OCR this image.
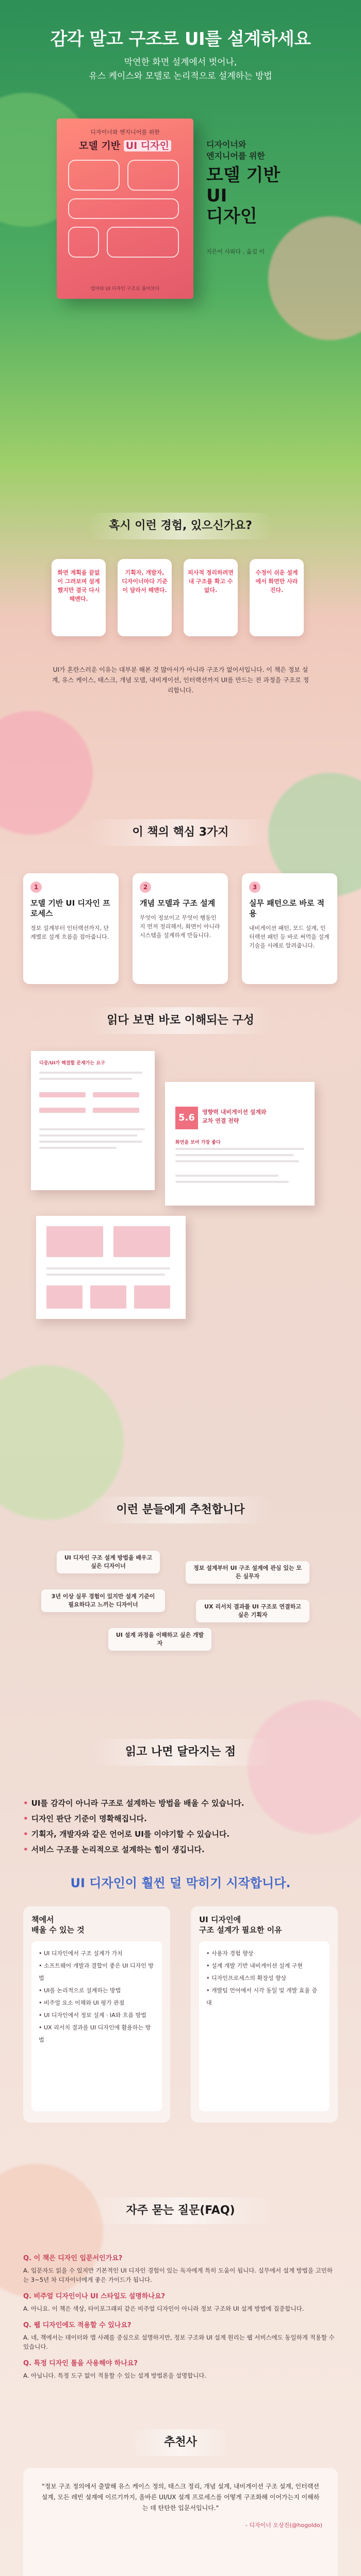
감각 말고 구조로 UI를 설계하세요
막연한 화면 설계에서 벗어나,
유스 케이스와 모델로 논리적으로 설계하는 방법
디자이너와 엔지니어를 위한
모델 기반 UI 디자인
엄마와 UI 디자인 구조로 풀어보다
디자이너와
엔지니어를 위한
모델 기반
UI
디자인
지은이 사와다 , 옮김 이
혹시 이런 경험, 있으신가요?
화면 계획을 끝없이 그려보며 설계했지만 결국 다시 헤맨다.
기획자, 개발자, 디자이너마다 기준이 달라서 헤맨다.
피사적 정리하려면 내 구조를 확고 수 없다.
수정이 쉬운 설계에서 화면만 사라진다.

UI가 혼란스러운 이유는 대부분 해본 것 많아서가 아니라 구조가 없어서입니다. 이 책은 정보 설계, 유스 케이스, 태스크, 개념 모델, 내비게이션, 인터랙션까지 UI를 만드는 전 과정을 구조로 정리합니다.

이 책의 핵심 3가지
1
모델 기반 UI 디자인 프로세스
정보 설계부터 인터랙션까지, 단계별로 설계 흐름을 잡아줍니다.
2
개념 모델과 구조 설계
무엇이 정보이고 무엇이 행동인지 먼저 정리해서, 화면이 아니라 시스템을 설계하게 만듭니다.
3
실무 패턴으로 바로 적용
내비게이션 패턴, 모드 설계, 인터랙션 패턴 등 바로 써먹을 설계 기술을 사례로 알려줍니다.
읽다 보면 바로 이해되는 구성
디중/UI가 해결할 문제가는 요구
5.6
영향력 내비게이션 설계와
교차 연결 전략
화면을 보여 가장 좋다
이런 분들에게 추천합니다
UI 디자인 구조 설계 방법을 배우고 싶은 디자이너	정보 설계부터 UI 구조 설계에 관심 있는 모든 실무자
3년 이상 실무 경험이 있지만 설계 기준이 필요하다고 느끼는 디자이너	UX 리서치 결과를 UI 구조로 연결하고 싶은 기획자
UI 설계 과정을 이해하고 싶은 개발자
읽고 나면 달라지는 점
• UI를 감각이 아니라 구조로 설계하는 방법을 배울 수 있습니다.
• 디자인 판단 기준이 명확해집니다.
• 기획자, 개발자와 같은 언어로 UI를 이야기할 수 있습니다.
• 서비스 구조를 논리적으로 설계하는 힘이 생깁니다.
UI 디자인이 훨씬 덜 막히기 시작합니다.
책에서
배울 수 있는 것
• UI 디자인에서 구조 설계가 가치
• 소프트웨어 개발과 결합이 좋은 UI 디자인 방법
• UI를 논리적으로 설계하는 방법
• 비주얼 요소 이해와 UI 평가 관점
• UI 디자인에서 정보 설계 · IA와 흐름 방법
• UX 리서치 결과를 UI 디자인에 활용하는 방법
UI 디자인에
구조 설계가 필요한 이유
• 사용자 경험 향상
• 설계 개발 기반 내비게이션 설계 구현
• 디자인프로세스의 확장성 향상
• 개발팀 언어에서 시각 동일 및 개발 효율 증대
자주 묻는 질문(FAQ)
Q. 이 책은 디자인 입문서인가요?
A. 입문자도 읽을 수 있지만 기본적인 UI 디자인 경험이 있는 독자에게 특히 도움이 됩니다. 실무에서 설계 방법을 고민하는 3~5년 차 디자이너에게 좋은 가이드가 됩니다.
Q. 비주얼 디자인이나 UI 스타일도 설명하나요?
A. 아니요. 이 책은 색상, 타이포그래피 같은 비주얼 디자인이 아니라 정보 구조와 UI 설계 방법에 집중합니다.
Q. 웹 디자인에도 적용할 수 있나요?
A. 네, 책에서는 데이터와 앱 사례를 중심으로 설명하지만, 정보 구조와 UI 설계 원리는 웹 서비스에도 동일하게 적용할 수 있습니다.
Q. 특정 디자인 툴을 사용해야 하나요?
A. 아닙니다. 특정 도구 없이 적용할 수 있는 설계 방법론을 설명합니다.
추천사

"정보 구조 정의에서 출발해 유스 케이스 정의, 태스크 정리, 개념 설계, 내비게이션 구조 설계, 인터랙션 설계, 모든 레빈 설계에 이르기까지, 올바른 UI/UX 설계 프로세스를 어떻게 구조화해 이어가는지 이해하는 데 탄탄한 입문서입니다."

- 디자이너 오상진(@hogoldo)
